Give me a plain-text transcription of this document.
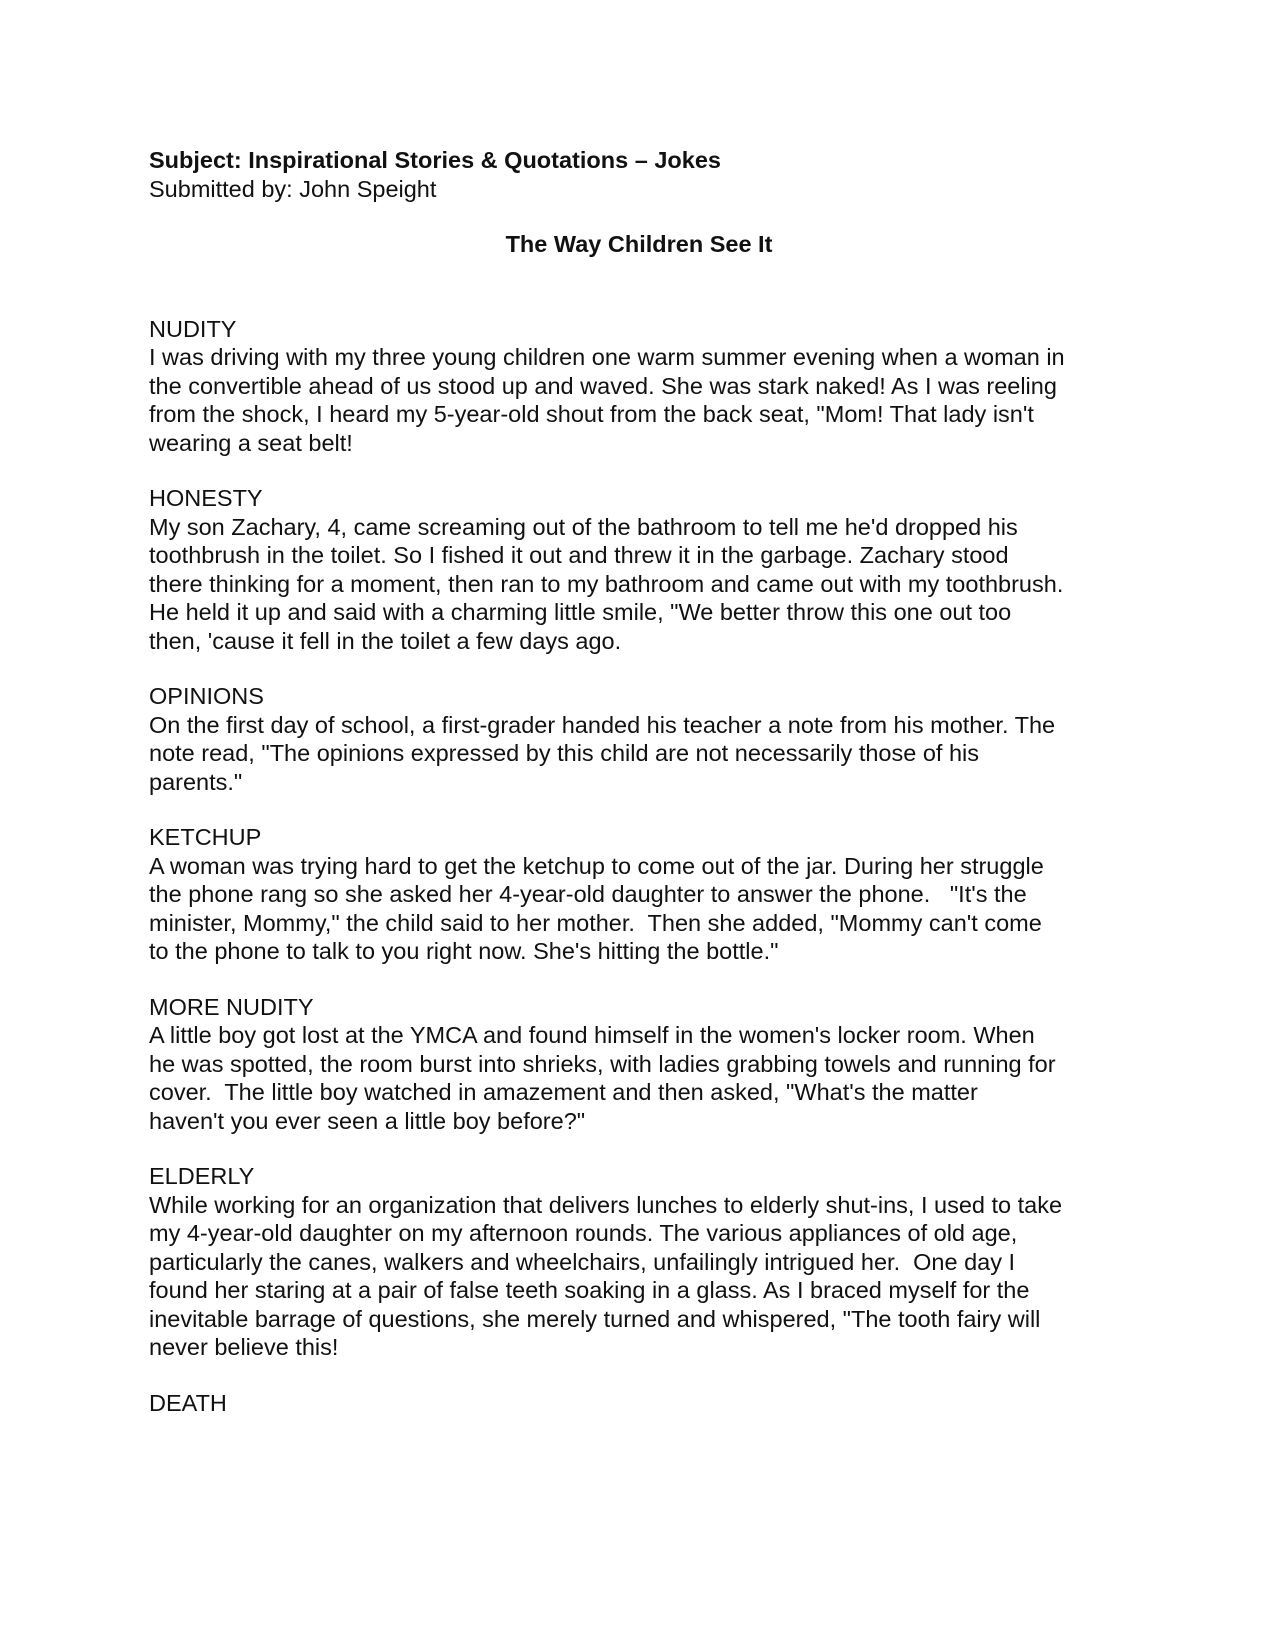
Subject: Inspirational Stories & Quotations – Jokes

Submitted by: John Speight

The Way Children See It

NUDITY

I was driving with my three young children one warm summer evening when a woman in
the convertible ahead of us stood up and waved. She was stark naked! As I was reeling
from the shock, I heard my 5-year-old shout from the back seat, "Mom! That lady isn't
wearing a seat belt!

HONESTY

My son Zachary, 4, came screaming out of the bathroom to tell me he'd dropped his
toothbrush in the toilet. So I fished it out and threw it in the garbage. Zachary stood
there thinking for a moment, then ran to my bathroom and came out with my toothbrush.
He held it up and said with a charming little smile, "We better throw this one out too
then, 'cause it fell in the toilet a few days ago.

OPINIONS

On the first day of school, a first-grader handed his teacher a note from his mother. The
note read, "The opinions expressed by this child are not necessarily those of his
parents."

KETCHUP

A woman was trying hard to get the ketchup to come out of the jar. During her struggle
the phone rang so she asked her 4-year-old daughter to answer the phone.   "It's the
minister, Mommy," the child said to her mother.  Then she added, "Mommy can't come
to the phone to talk to you right now. She's hitting the bottle."

MORE NUDITY

A little boy got lost at the YMCA and found himself in the women's locker room. When
he was spotted, the room burst into shrieks, with ladies grabbing towels and running for
cover.  The little boy watched in amazement and then asked, "What's the matter
haven't you ever seen a little boy before?"

ELDERLY

While working for an organization that delivers lunches to elderly shut-ins, I used to take
my 4-year-old daughter on my afternoon rounds. The various appliances of old age,
particularly the canes, walkers and wheelchairs, unfailingly intrigued her.  One day I
found her staring at a pair of false teeth soaking in a glass. As I braced myself for the
inevitable barrage of questions, she merely turned and whispered, "The tooth fairy will
never believe this!

DEATH
